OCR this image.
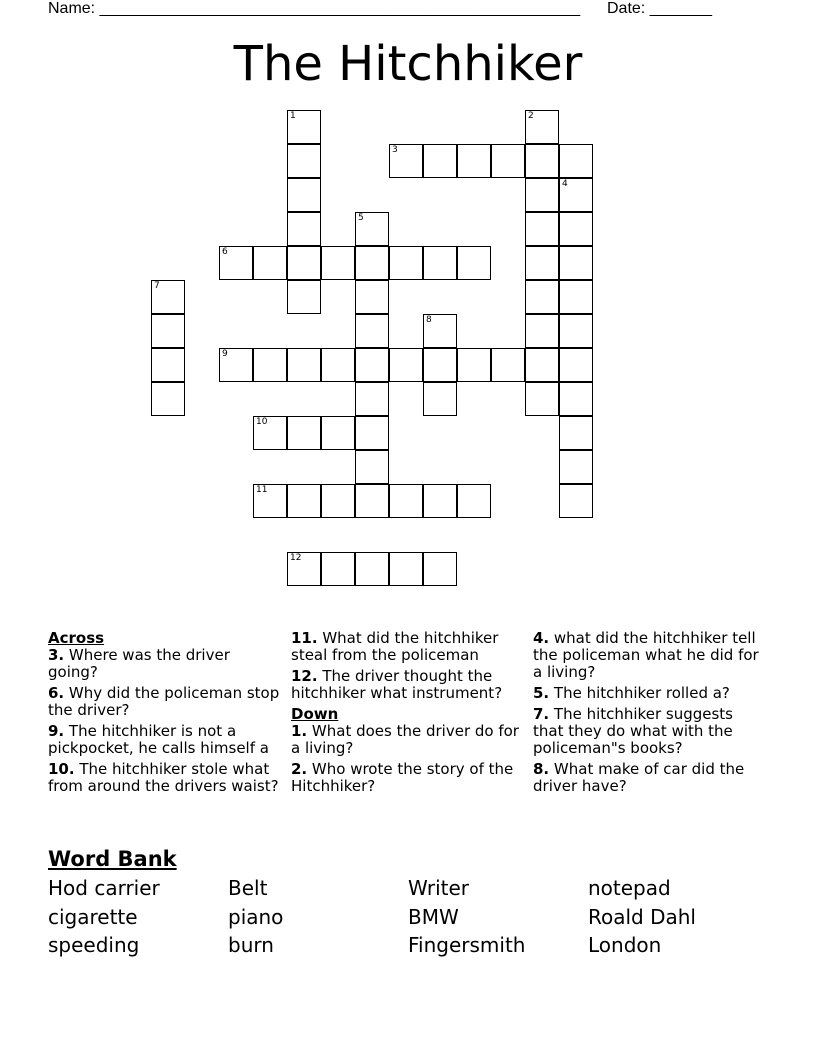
Name: ______________________________________________________ Date: _______
The Hitchhiker
1	2
3
4
5
6
7
8
9
10
11
12
Across
3. Where was the driver going?
6. Why did the policeman stop the driver?
9. The hitchhiker is not a pickpocket, he calls himself a
10. The hitchhiker stole what from around the drivers waist?
11. What did the hitchhiker steal from the policeman
12. The driver thought the hitchhiker what instrument?
Down
1. What does the driver do for a living?
2. Who wrote the story of the Hitchhiker?
4. what did the hitchhiker tell the policeman what he did for a living?
5. The hitchhiker rolled a?
7. The hitchhiker suggests that they do what with the policeman"s books?
8. What make of car did the driver have?
Word Bank
Hod carrier	Belt	Writer	notepad
cigarette	piano	BMW	Roald Dahl
speeding	burn	Fingersmith	London
